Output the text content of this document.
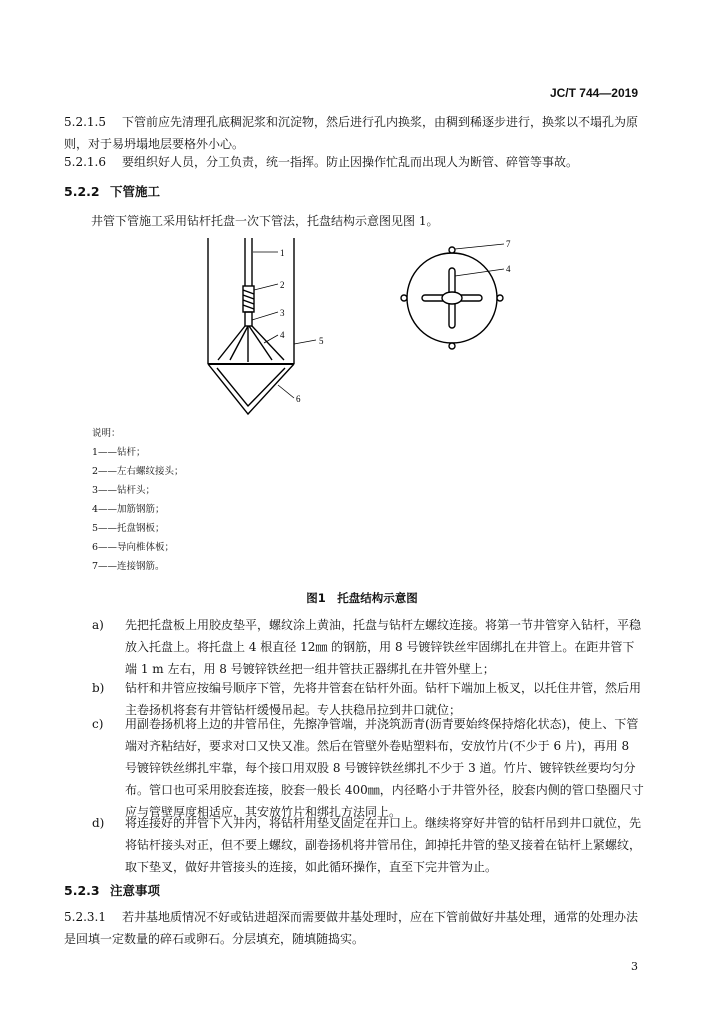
JC/T 744—2019
5.2.1.5 下管前应先清理孔底稠泥浆和沉淀物，然后进行孔内换浆，由稠到稀逐步进行，换浆以不塌孔为原则，对于易坍塌地层要格外小心。
5.2.1.6 要组织好人员，分工负责，统一指挥。防止因操作忙乱而出现人为断管、碎管等事故。
5.2.2 下管施工
井管下管施工采用钻杆托盘一次下管法，托盘结构示意图见图 1。
1
2
3
4
5
6
7
4
说明：
1——钻杆；
2——左右螺纹接头；
3——钻杆头；
4——加筋钢筋；
5——托盘钢板；
6——导向椎体板；
7——连接钢筋。
图1　托盘结构示意图
a) 先把托盘板上用胶皮垫平，螺纹涂上黄油，托盘与钻杆左螺纹连接。将第一节井管穿入钻杆，平稳放入托盘上。将托盘上 4 根直径 12㎜ 的钢筋，用 8 号镀锌铁丝牢固绑扎在井管上。在距井管下端 1 m 左右，用 8 号镀锌铁丝把一组井管扶正器绑扎在井管外壁上；
b) 钻杆和井管应按编号顺序下管，先将井管套在钻杆外面。钻杆下端加上板叉，以托住井管，然后用主卷扬机将套有井管钻杆缓慢吊起。专人扶稳吊拉到井口就位；
c) 用副卷扬机将上边的井管吊住，先擦净管端，并浇筑沥青(沥青要始终保持熔化状态)，使上、下管端对齐粘结好，要求对口又快又准。然后在管壁外卷贴塑料布，安放竹片(不少于 6 片)，再用 8 号镀锌铁丝绑扎牢靠，每个接口用双股 8 号镀锌铁丝绑扎不少于 3 道。竹片、镀锌铁丝要均匀分布。管口也可采用胶套连接，胶套一般长 400㎜，内径略小于井管外径，胶套内侧的管口垫圈尺寸应与管壁厚度相适应，其安放竹片和绑扎方法同上。
d) 将连接好的井管下入井内，将钻杆用垫叉固定在井口上。继续将穿好井管的钻杆吊到井口就位，先将钻杆接头对正，但不要上螺纹，副卷扬机将井管吊住，卸掉托井管的垫叉接着在钻杆上紧螺纹，取下垫叉，做好井管接头的连接，如此循环操作，直至下完井管为止。
5.2.3 注意事项
5.2.3.1 若井基地质情况不好或钻进超深而需要做井基处理时，应在下管前做好井基处理，通常的处理办法是回填一定数量的碎石或卵石。分层填充，随填随捣实。
3
